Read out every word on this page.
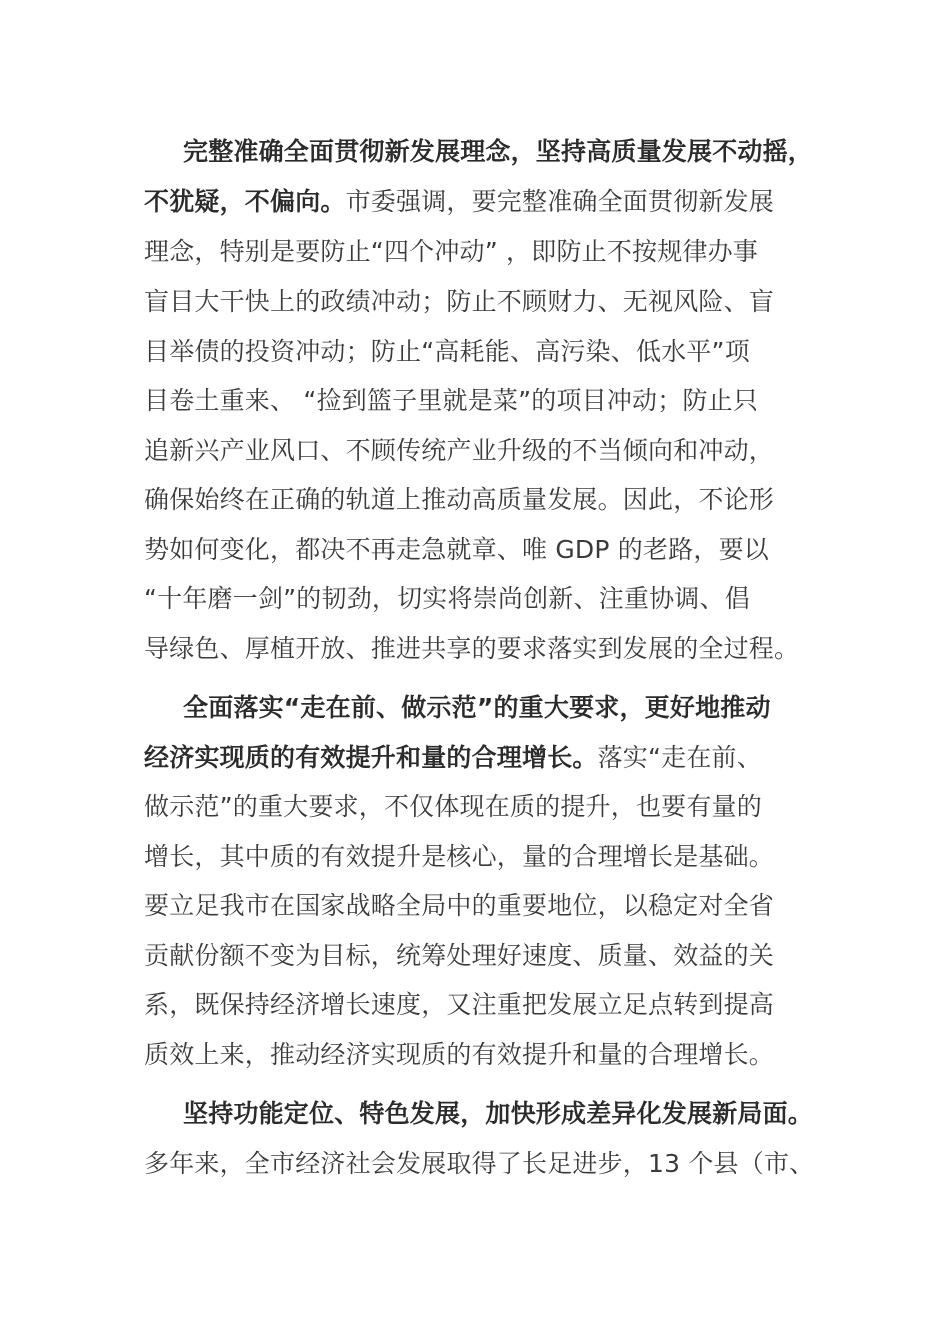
完整准确全面贯彻新发展理念，坚持高质量发展不动摇，
不犹疑，不偏向。市委强调，要完整准确全面贯彻新发展
理念，特别是要防止“四个冲动” ，即防止不按规律办事
盲目大干快上的政绩冲动；防止不顾财力、无视风险、盲
目举债的投资冲动；防止“高耗能、高污染、低水平”项
目卷土重来、 “捡到篮子里就是菜”的项目冲动；防止只
追新兴产业风口、不顾传统产业升级的不当倾向和冲动，
确保始终在正确的轨道上推动高质量发展。因此，不论形
势如何变化，都决不再走急就章、唯 GDP 的老路，要以
“十年磨一剑”的韧劲，切实将崇尚创新、注重协调、倡
导绿色、厚植开放、推进共享的要求落实到发展的全过程。
全面落实“走在前、做示范”的重大要求，更好地推动
经济实现质的有效提升和量的合理增长。落实“走在前、
做示范”的重大要求，不仅体现在质的提升，也要有量的
增长，其中质的有效提升是核心，量的合理增长是基础。
要立足我市在国家战略全局中的重要地位，以稳定对全省
贡献份额不变为目标，统筹处理好速度、质量、效益的关
系，既保持经济增长速度，又注重把发展立足点转到提高
质效上来，推动经济实现质的有效提升和量的合理增长。
坚持功能定位、特色发展，加快形成差异化发展新局面。
多年来，全市经济社会发展取得了长足进步，13 个县（市、
